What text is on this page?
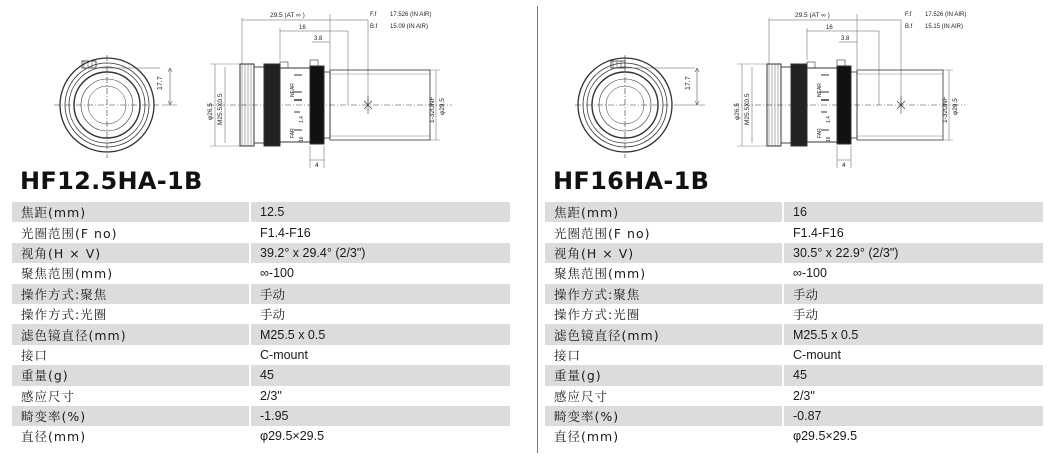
17.7
29.5 (AT ∞ )	F.f 17.526 (IN AIR)
B.f 15.09 (IN AIR)
16
3.8
φ26.5 M25.5X0.5	1-32UNF φ29.5
4
NEAR
FAR
1.4
16
HF12.5HA-1B
焦距(mm)	12.5
光圈范围(F no)	F1.4-F16
视角(H × V)	39.2° x 29.4° (2/3")
聚焦范围(mm)	∞-100
操作方式:聚焦	手动
操作方式:光圈	手动
滤色镜直径(mm)	M25.5 x 0.5
接口	C-mount
重量(g)	45
感应尺寸	2/3"
畸变率(%)	-1.95
直径(mm)	φ29.5×29.5
17.7
29.5 (AT ∞ )	F.f 17.526 (IN AIR)
B.f 15.15 (IN AIR)
16
3.8
φ26.5 M25.5X0.5	1-32UNF φ29.5
4
NEAR
FAR
1.4
16
HF16HA-1B
焦距(mm)	16
光圈范围(F no)	F1.4-F16
视角(H × V)	30.5° x 22.9° (2/3")
聚焦范围(mm)	∞-100
操作方式:聚焦	手动
操作方式:光圈	手动
滤色镜直径(mm)	M25.5 x 0.5
接口	C-mount
重量(g)	45
感应尺寸	2/3"
畸变率(%)	-0.87
直径(mm)	φ29.5×29.5
